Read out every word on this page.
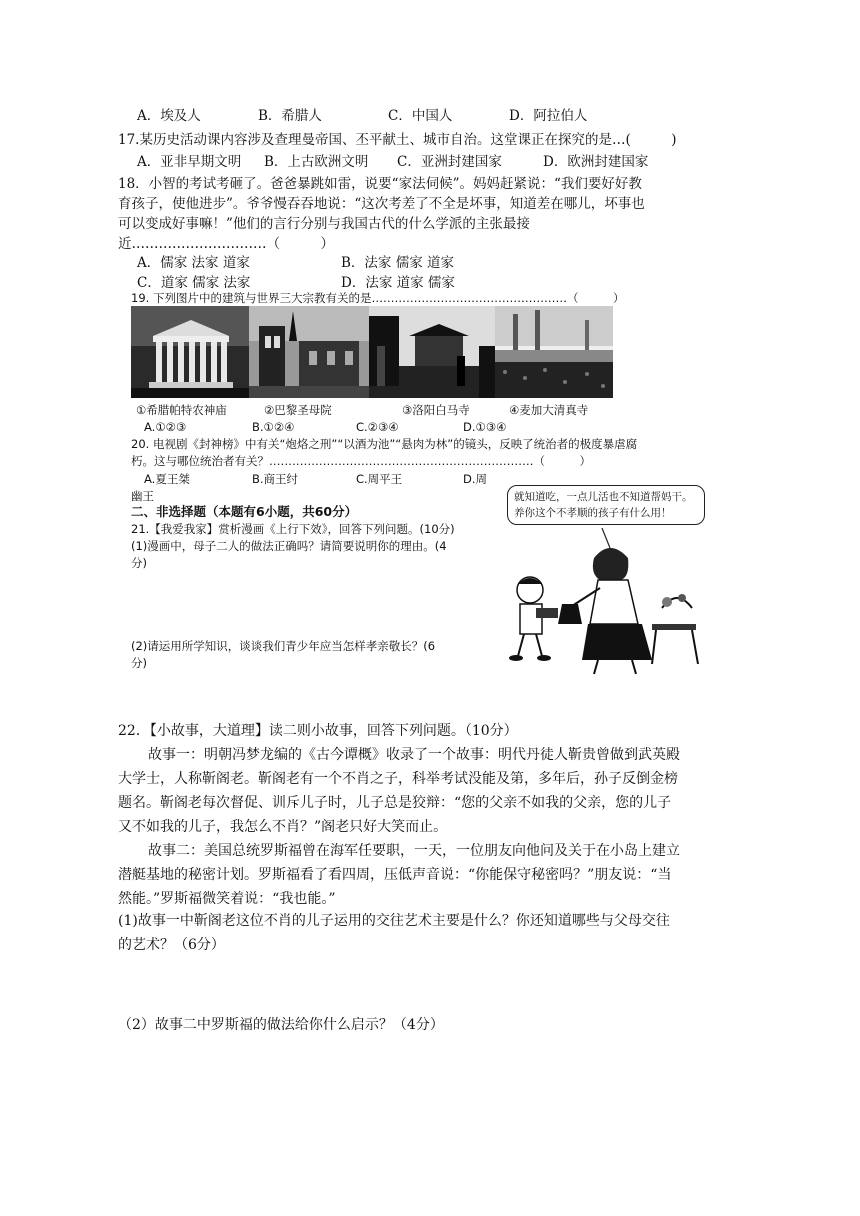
A．埃及人	B．希腊人	C．中国人	D．阿拉伯人
17.某历史活动课内容涉及查理曼帝国、丕平献土、城市自治。这堂课正在探究的是…(　　　)
A．亚非早期文明 B．上古欧洲文明 C．亚洲封建国家	D．欧洲封建国家
18．小智的考试考砸了。爸爸暴跳如雷，说要“家法伺候”。妈妈赶紧说：“我们要好好教
育孩子，使他进步”。爷爷慢吞吞地说：“这次考差了不全是坏事，知道差在哪儿，坏事也
可以变成好事嘛！”他们的言行分别与我国古代的什么学派的主张最接
近…………………………（　　　）
A．儒家 法家 道家	B．法家 儒家 道家
C．道家 儒家 法家	D．法家 道家 儒家
19. 下列图片中的建筑与世界三大宗教有关的是……………………………………………（　　　）
①希腊帕特农神庙	②巴黎圣母院	③洛阳白马寺	④麦加大清真寺
A.①②③	B.①②④	C.②③④	D.①③④
20. 电视剧《封神榜》中有关“炮烙之刑”“以酒为池”“悬肉为林”的镜头，反映了统治者的极度暴虐腐
朽。这与哪位统治者有关？……………………………………………………………（　　　）
A.夏王桀	B.商王纣	C.周平王	D.周
幽王
二、非选择题（本题有6小题，共60分）
21.【我爱我家】赏析漫画《上行下效》，回答下列问题。(10分)
(1)漫画中，母子二人的做法正确吗？请简要说明你的理由。(4
分)
(2)请运用所学知识，谈谈我们青少年应当怎样孝亲敬长？(6
分)
就知道吃，一点儿活也不知道帮妈干。养你这个不孝顺的孩子有什么用！
22．【小故事，大道理】读二则小故事，回答下列问题。（10分）
故事一：明朝冯梦龙编的《古今谭概》收录了一个故事：明代丹徒人靳贵曾做到武英殿
大学士，人称靳阁老。靳阁老有一个不肖之子，科举考试没能及第，多年后，孙子反倒金榜
题名。靳阁老每次督促、训斥儿子时，儿子总是狡辩：“您的父亲不如我的父亲，您的儿子
又不如我的儿子，我怎么不肖？”阁老只好大笑而止。
故事二：美国总统罗斯福曾在海军任要职，一天，一位朋友向他问及关于在小岛上建立
潜艇基地的秘密计划。罗斯福看了看四周，压低声音说：“你能保守秘密吗？”朋友说：“当
然能。”罗斯福微笑着说：“我也能。”
(1)故事一中靳阁老这位不肖的儿子运用的交往艺术主要是什么？你还知道哪些与父母交往
的艺术？（6分）
（2）故事二中罗斯福的做法给你什么启示？（4分）
